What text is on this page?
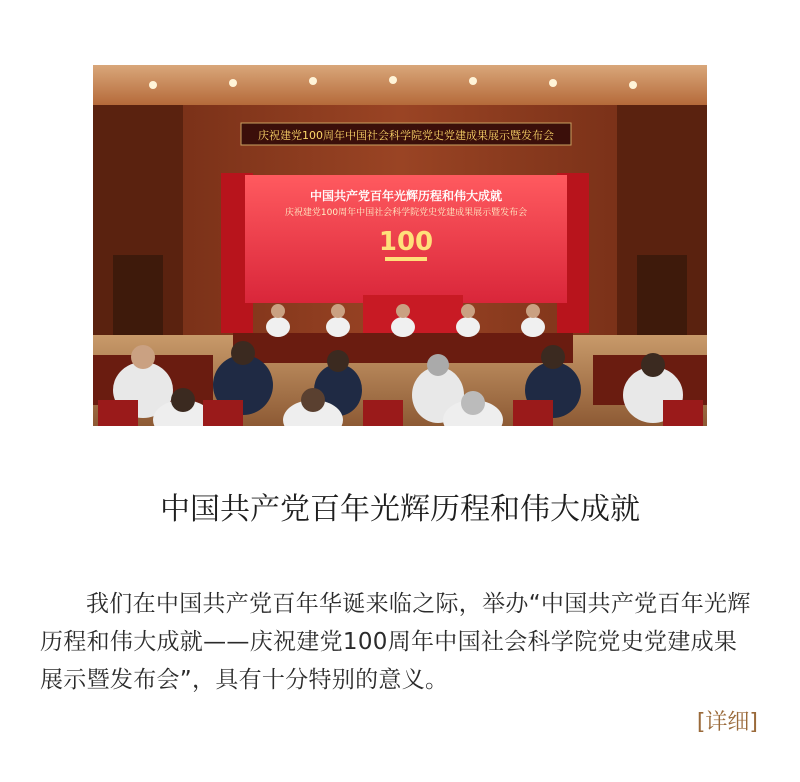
庆祝建党100周年中国社会科学院党史党建成果展示暨发布会
中国共产党百年光辉历程和伟大成就
庆祝建党100周年中国社会科学院党史党建成果展示暨发布会
100
中国共产党百年光辉历程和伟大成就
我们在中国共产党百年华诞来临之际，举办“中国共产党百年光辉历程和伟大成就——庆祝建党100周年中国社会科学院党史党建成果展示暨发布会”，具有十分特别的意义。
[详细]
